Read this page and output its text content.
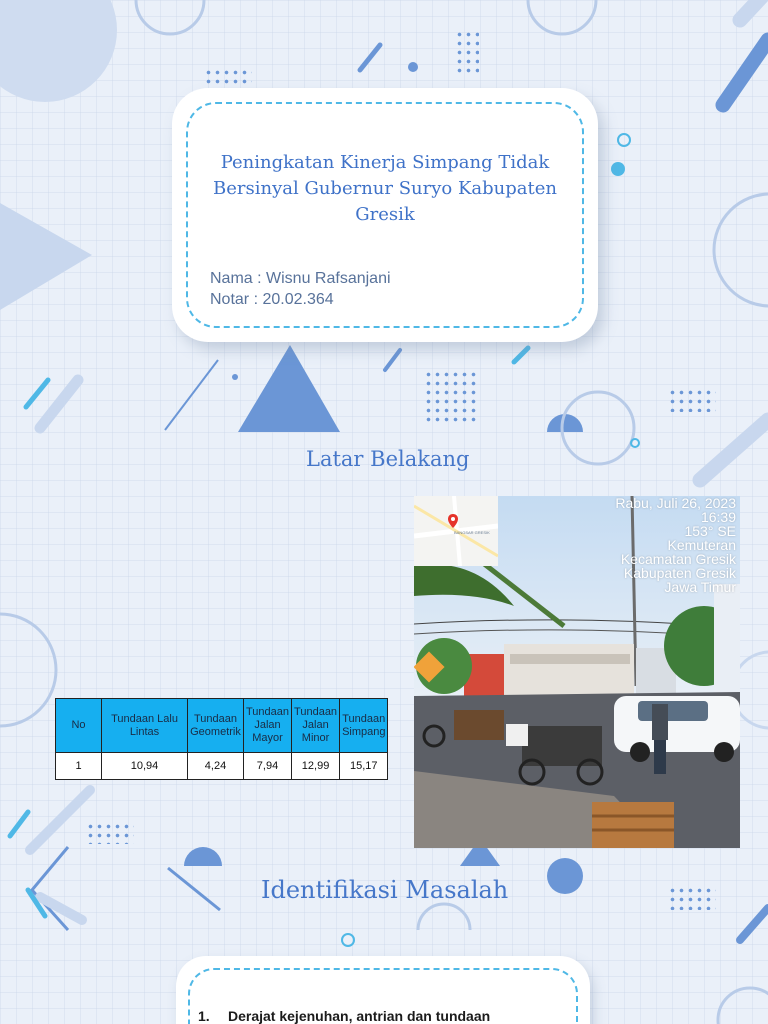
Peningkatan Kinerja Simpang Tidak Bersinyal Gubernur Suryo Kabupaten Gresik
Nama : Wisnu Rafsanjani
Notar : 20.02.364
Latar Belakang
No	Tundaan Lalu Lintas	Tundaan Geometrik	Tundaan Jalan Mayor	Tundaan Jalan Minor	Tundaan Simpang
1	10,94	4,24	7,94	12,99	15,17
BANGSAR GRESIK
Rabu, Juli 26, 2023
16:39
153° SE
Kemuteran
Kecamatan Gresik
Kabupaten Gresik
Jawa Timur
Identifikasi Masalah
1. Derajat kejenuhan, antrian dan tundaan
